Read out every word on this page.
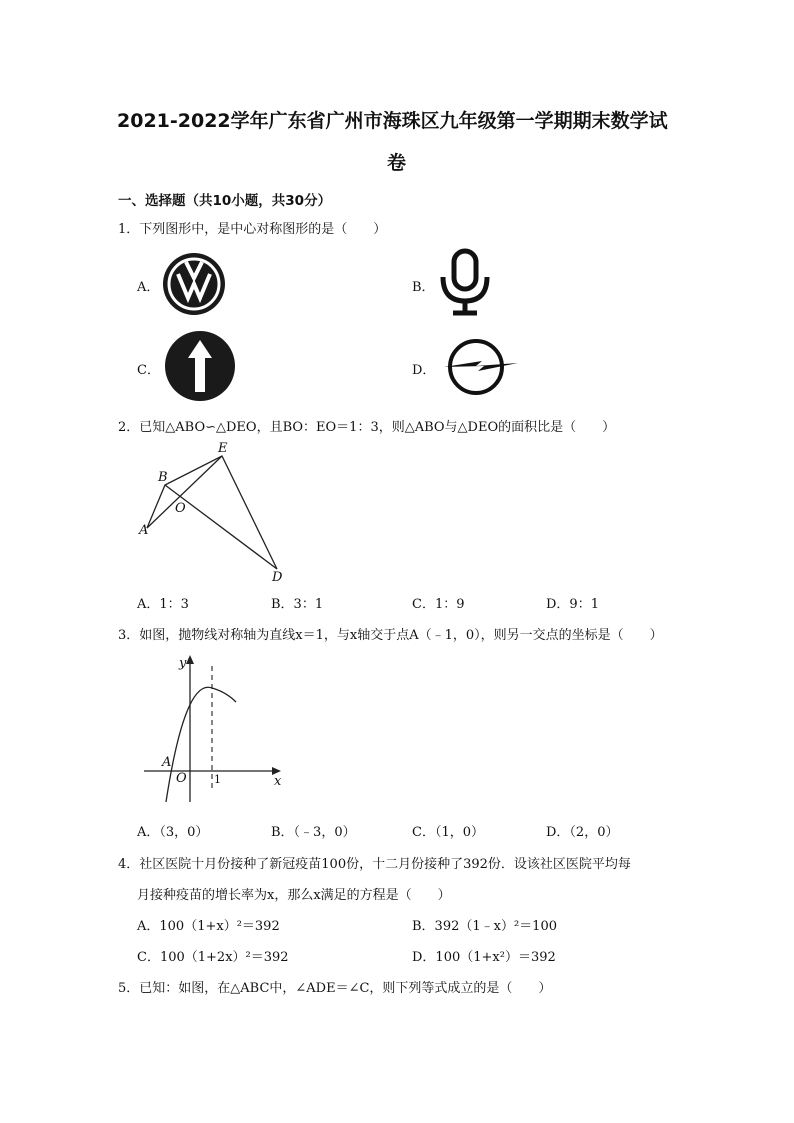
2021-2022学年广东省广州市海珠区九年级第一学期期末数学试
卷
一、选择题（共10小题，共30分）
1．下列图形中，是中心对称图形的是（　　）
A．	B．
C．	D．
2．已知△ABO∽△DEO，且BO：EO＝1：3，则△ABO与△DEO的面积比是（　　）
B
E
O
A
D
A．1：3	B．3：1	C．1：9	D．9：1
3．如图，抛物线对称轴为直线x＝1，与x轴交于点A（﹣1，0），则另一交点的坐标是（　　）
y
A
O 1	x
A．（3，0）	B．（﹣3，0）	C．（1，0）	D．（2，0）
4．社区医院十月份接种了新冠疫苗100份，十二月份接种了392份．设该社区医院平均每
月接种疫苗的增长率为x，那么x满足的方程是（　　）
A．100（1+x）²＝392	B．392（1﹣x）²＝100
C．100（1+2x）²＝392	D．100（1+x²）＝392
5．已知：如图，在△ABC中，∠ADE＝∠C，则下列等式成立的是（　　）
